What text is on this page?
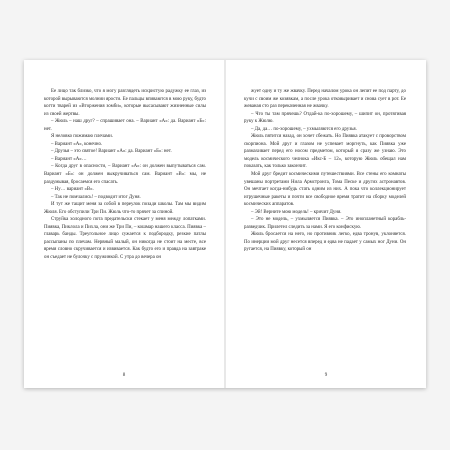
Ее лицо так близко, что я могу разглядеть искристую радужку ее глаз, из которой вырываются молнии ярости. Ее пальцы впиваются в мою руку, будто когти тварей из «Вторжения зомби», которые высасывают жизненные силы из своей жертвы.

– Жюль – наш друг? – спрашивает она. – Вариант «А»: да. Вариант «Б»: нет.

Я неловко пожимаю плечами.

– Вариант «А», конечно.

– Друзья – это святое! Вариант «А»: да. Вариант «Б»: нет.

– Вариант «А»…

– Когда друг в опасности, – Вариант «А»: он должен выпутываться сам. Вариант «Б»: он должен выкручиваться сам. Вариант «В»: мы, не раздумывая, бросаемся его спасать.

– Ну… вариант «В».

– Так не помчались! – подводит итог Дуня.

И тут же тащит меня за собой в переулок позади школы. Там мы видим Жюля. Его обступили Три Пи. Жюль что-то прячет за спиной.

Струйка холодного пота предательски стекает у меня между лопатками. Пиявка, Пиклола и Пихла, они же Три Пи, – кошмар нашего класса. Пиявка – главарь банды. Треугольное лицо сужается к подбородку, резкие патлы рассыпаны по плечам. Нервный малый, он никогда не стоит на месте, все время словно скручивается и извивается. Как будто его и правда на завтраке он съедает не булочку с пружинкой. С утра до вечера он

8

жует одну и ту же жвачку. Перед началом урока он лепит ее под парту, до кучи с своим же козявкам, а после урока отковыривает и снова сует в рот. Ее жеваная сто раз перекаченная не жвачку.

– Что ты там прячешь? Отдай-ка по-хорошему, – шипит он, протягивая руку к Жюлю.

– Да, да… по-хорошему, – ухмыляются его друзья.

Жюль пятится назад, он хочет сбежать. Но Пиявка атакует с проворством скорпиона. Мой друг и глазом не успевает моргнуть, как Пиявка уже размахивает перед его носом предметом, который я сразу же узнаю. Это модель космического челнока «Икс-Б – 12», которую Жюль обещал нам показать, как только закончит.

Мой друг бредит космическими путешествиями. Все стены его комнаты увешаны портретами Нила Армстронга, Тома Песке и других астронавтов. Он мечтает когда-нибудь стать одним из них. А пока что коллекционирует игрушечные ракеты и почти все свободное время тратит на сборку моделей космических аппаратов.

– Эй! Верните мою модель! – кричит Дуня.

– Это не модель, – ухмыляется Пиявка. – Это инопланетный корабль-разведчик. Прилетел следить за нами. Я его конфискую.

Жюль бросается на него, но противник легко, едва тронув, уклоняется. По инерции мой друг несется вперед и едва не падает у самых ног Дуни. Он ругается, на Пиявку, который он

9
